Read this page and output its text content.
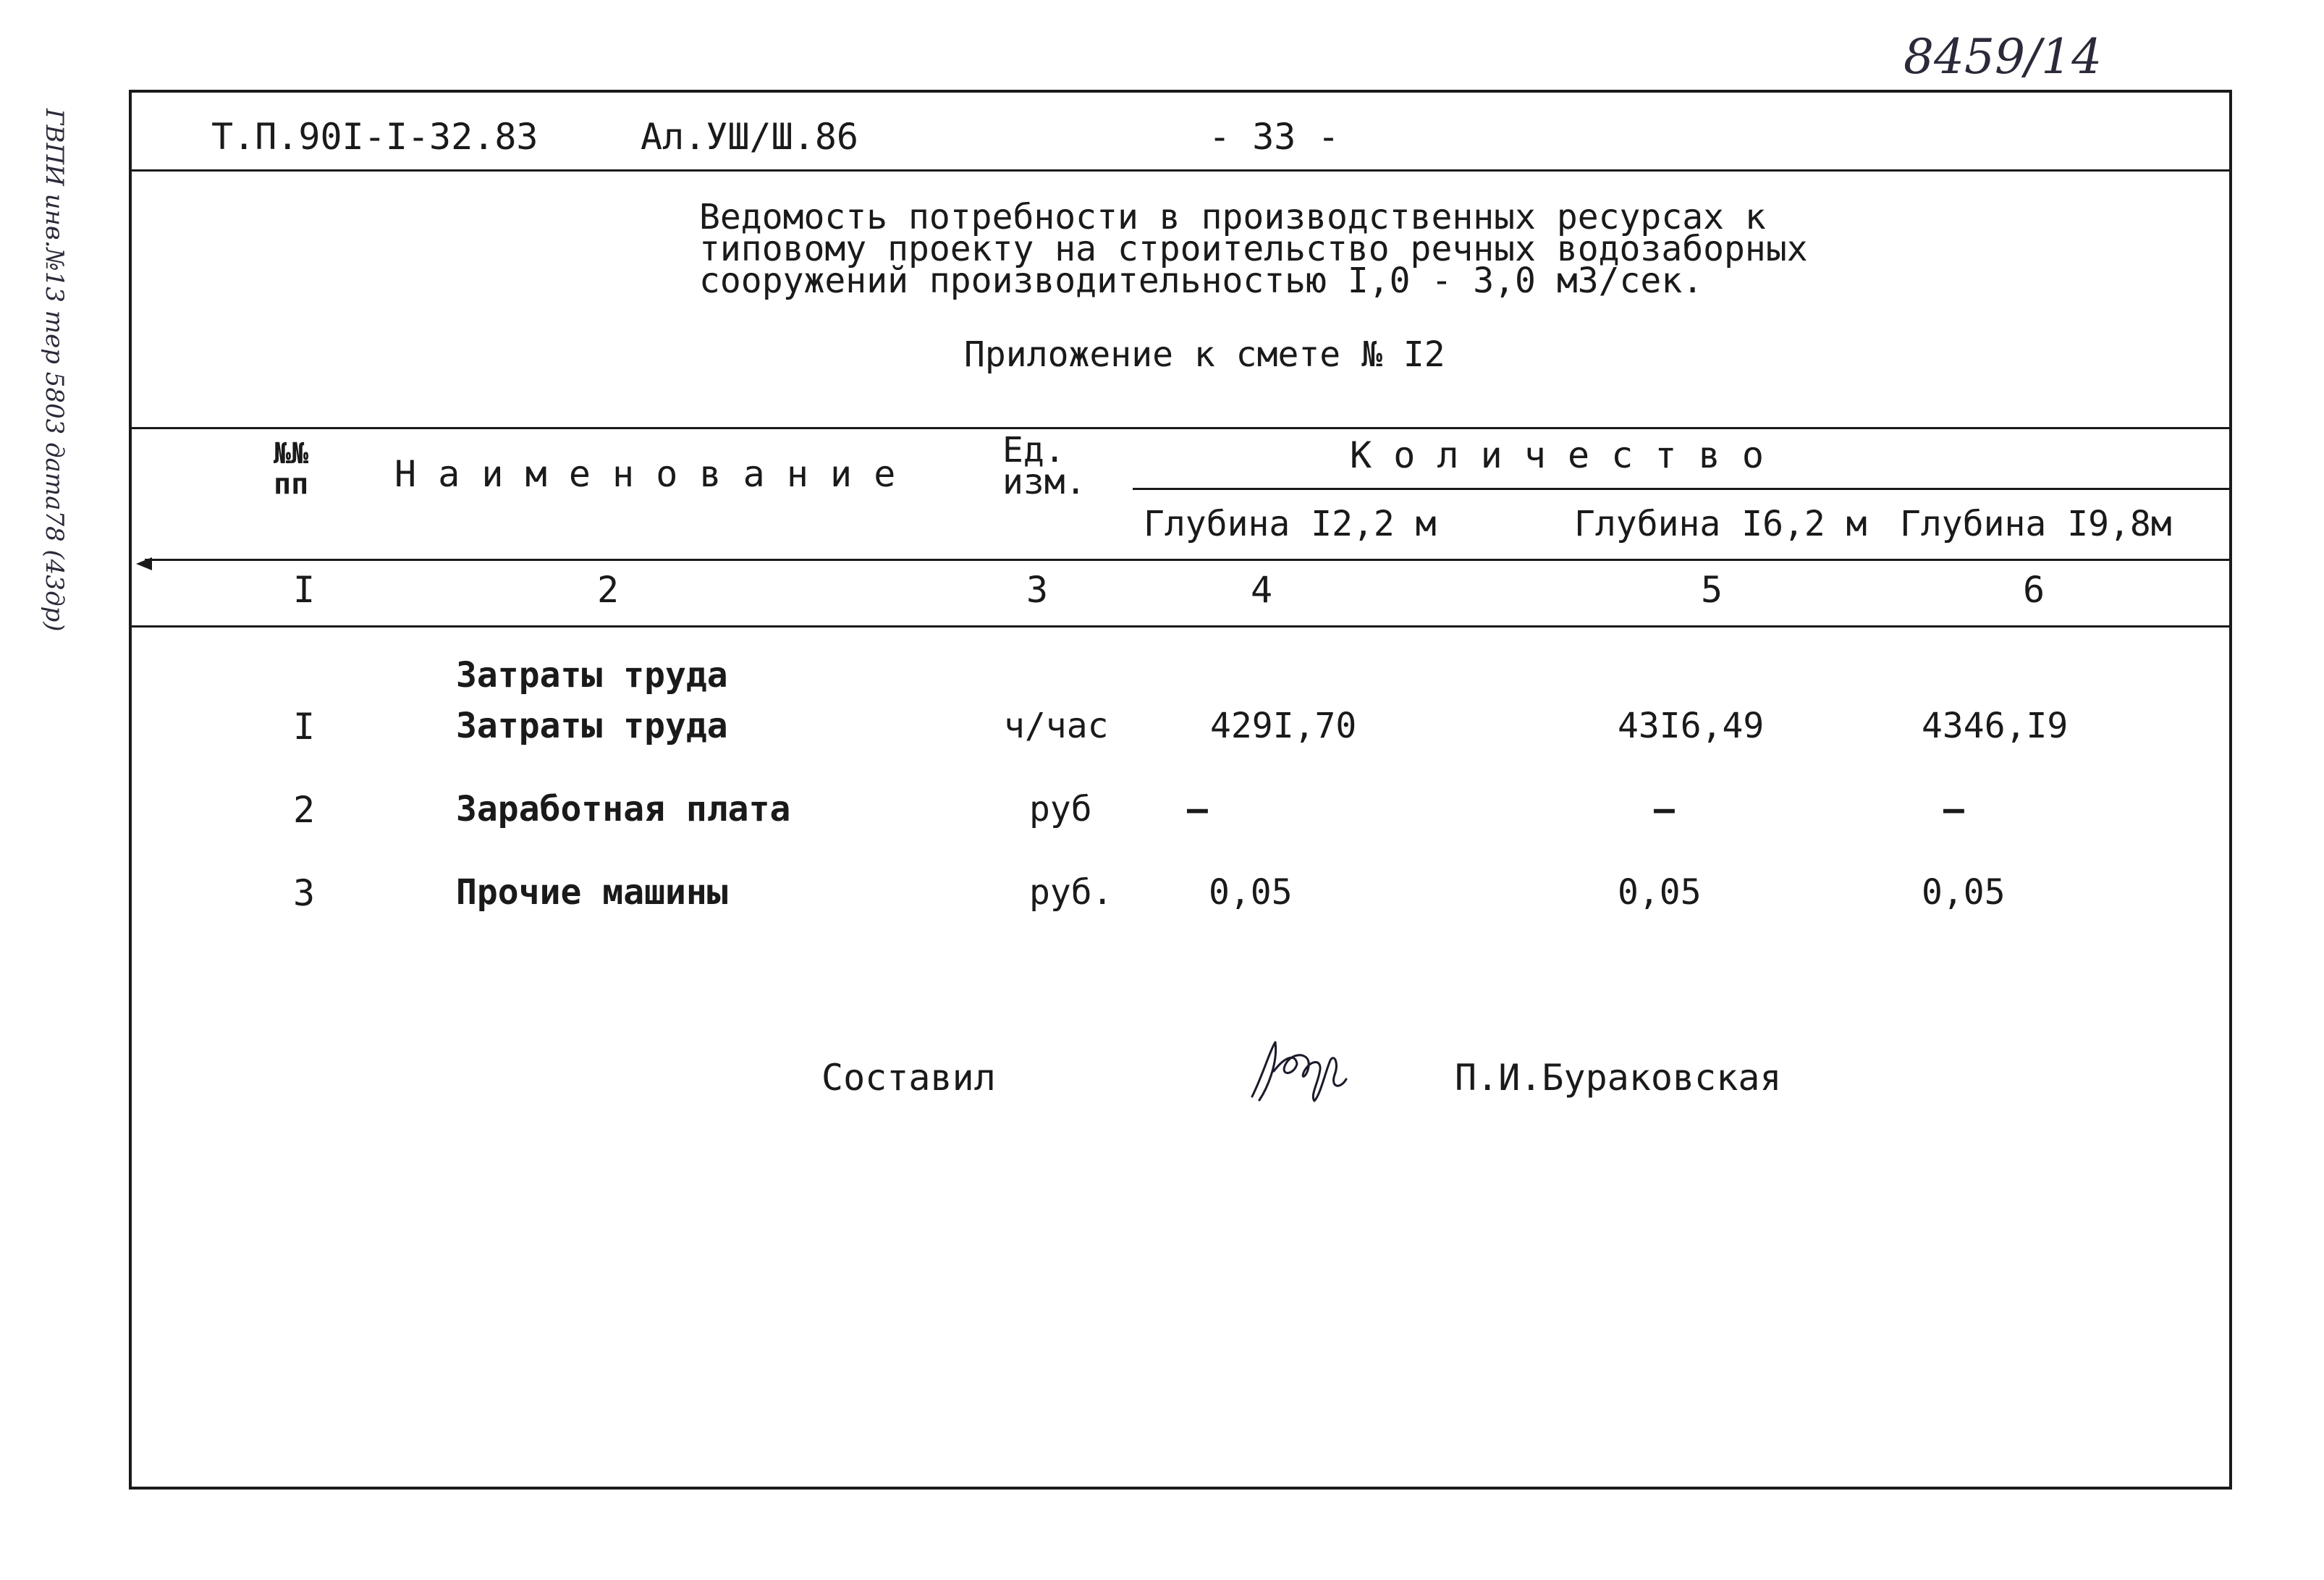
8459/14
ГВПИ инв.№13 тер 5803 дата78 (43др)	Т.П.90I-I-32.83	Ал.УШ/Ш.86	- 33 -
Ведомость потребности в производственных ресурсах к
типовому проекту на строительство речных водозаборных
сооружений производительностью I,0 - 3,0 м3/сек.
Приложение к смете № I2
№№
пп Н а и м е н о в а н и е
Ед.
изм.
К о л и ч е с т в о
Глубина I2,2 м	Глубина I6,2 м Глубина I9,8м
I	2	3	4	5	6
Затраты труда
I	Затраты труда	ч/час	429I,70	43I6,49	4346,I9
2	Заработная плата	руб	–	–	–
3	Прочие машины	руб.	0,05	0,05	0,05
Составил	П.И.Бураковская
